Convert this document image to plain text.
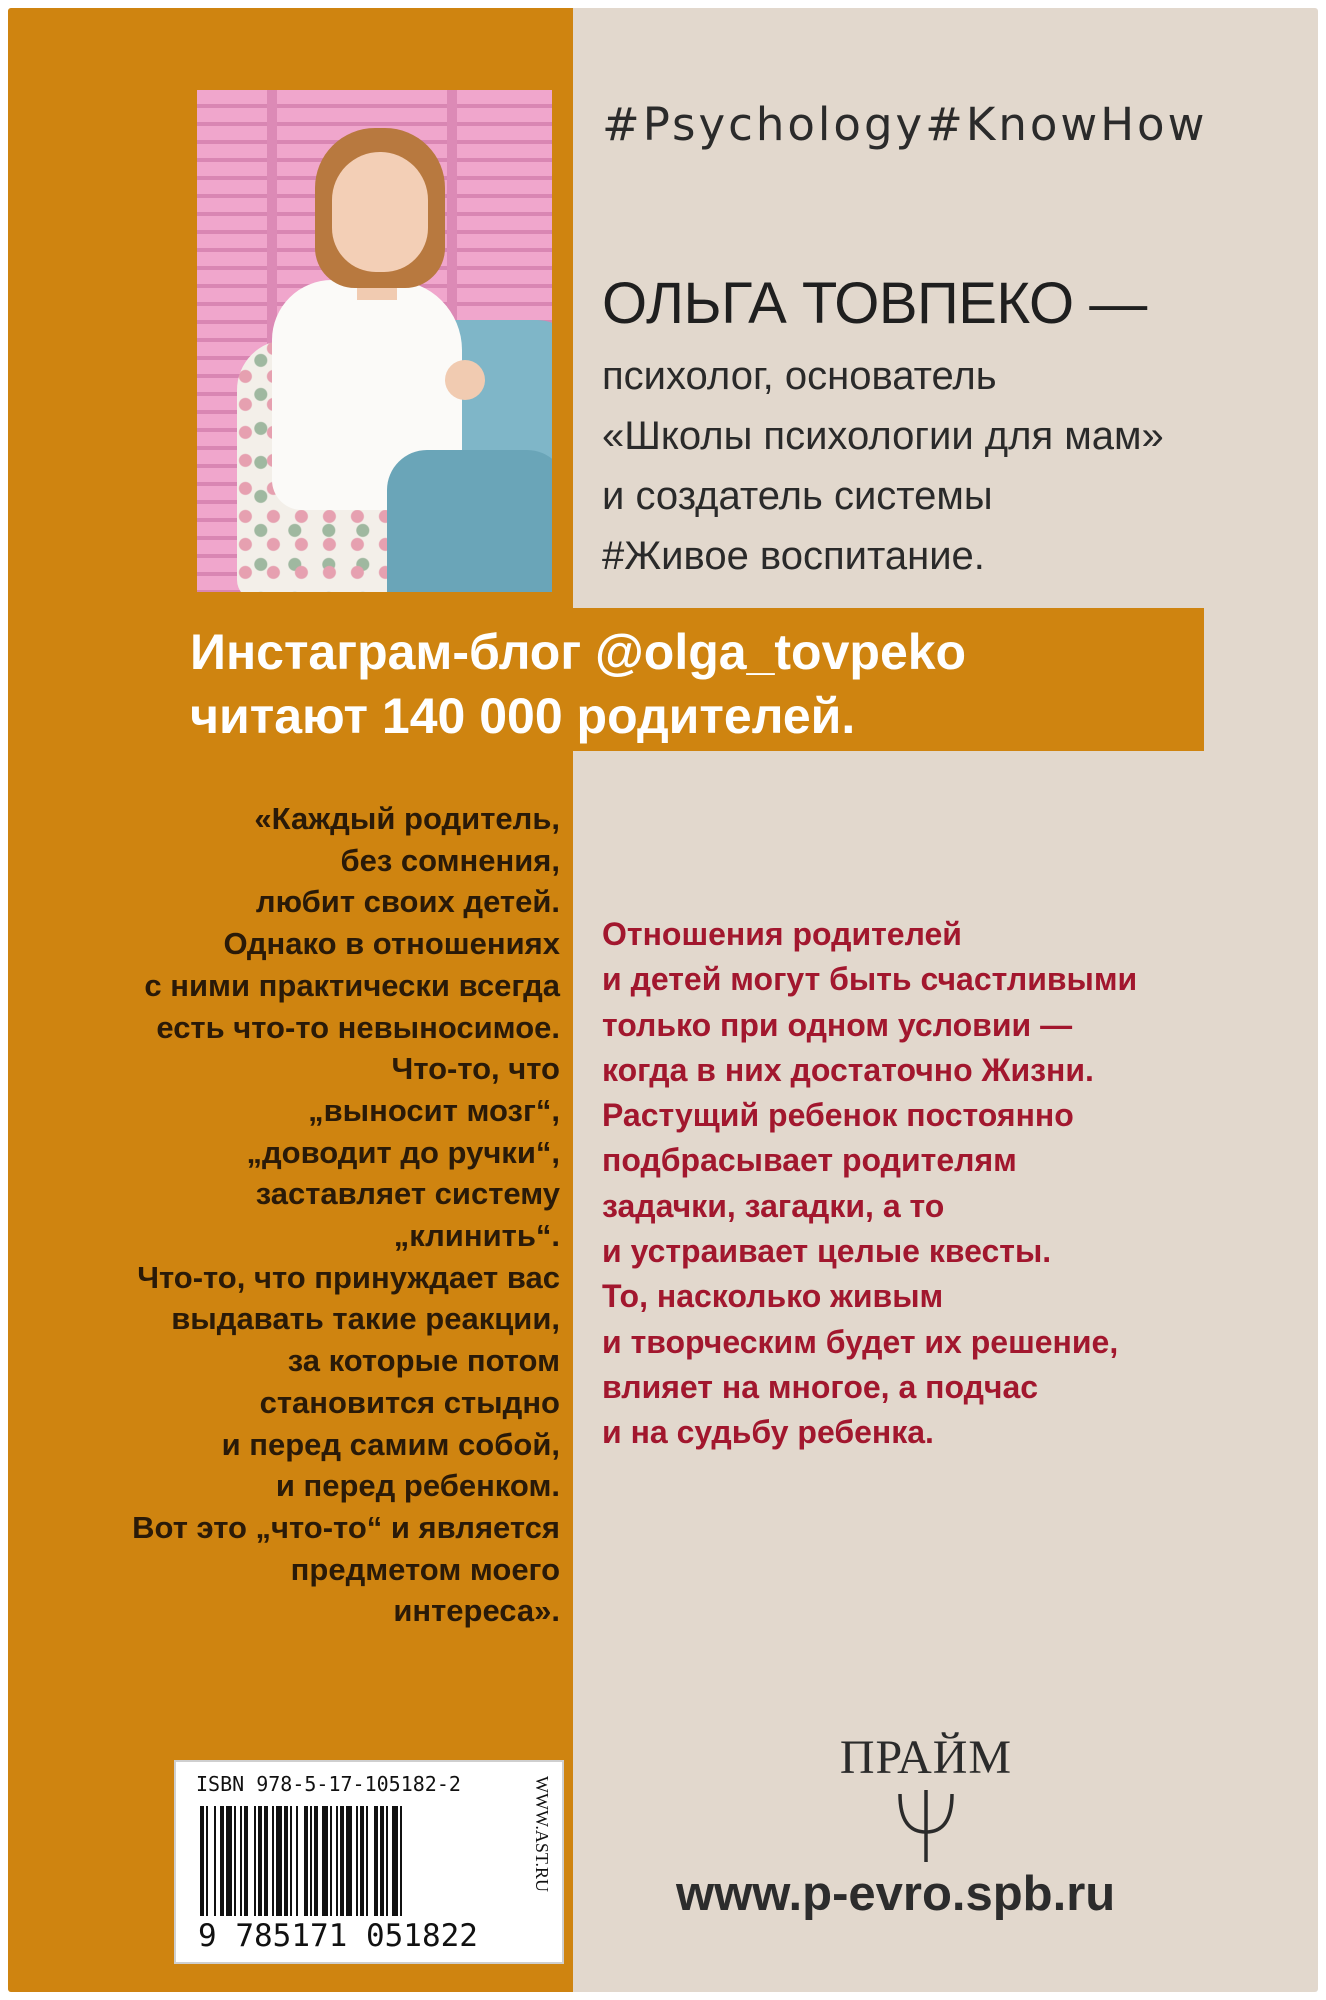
#Psychology#KnowHow
ОЛЬГА ТОВПЕКО —
психолог, основатель
«Школы психологии для мам»
и создатель системы
#Живое воспитание.
Инстаграм-блог @olga_tovpeko
читают 140 000 родителей.
«Каждый родитель,
без сомнения,
любит своих детей.
Однако в отношениях
с ними практически всегда
есть что-то невыносимое.
Что-то, что
„выносит мозг“,
„доводит до ручки“,
заставляет систему
„клинить“.
Что-то, что принуждает вас
выдавать такие реакции,
за которые потом
становится стыдно
и перед самим собой,
и перед ребенком.
Вот это „что-то“ и является
предметом моего
интереса».
Отношения родителей
и детей могут быть счастливыми
только при одном условии —
когда в них достаточно Жизни.
Растущий ребенок постоянно
подбрасывает родителям
задачки, загадки, а то
и устраивает целые квесты.
То, насколько живым
и творческим будет их решение,
влияет на многое, а подчас
и на судьбу ребенка.
ISBN 978-5-17-105182-2
9 785171 051822
WWW.AST.RU
ПРАЙМ
www.p-evro.spb.ru
